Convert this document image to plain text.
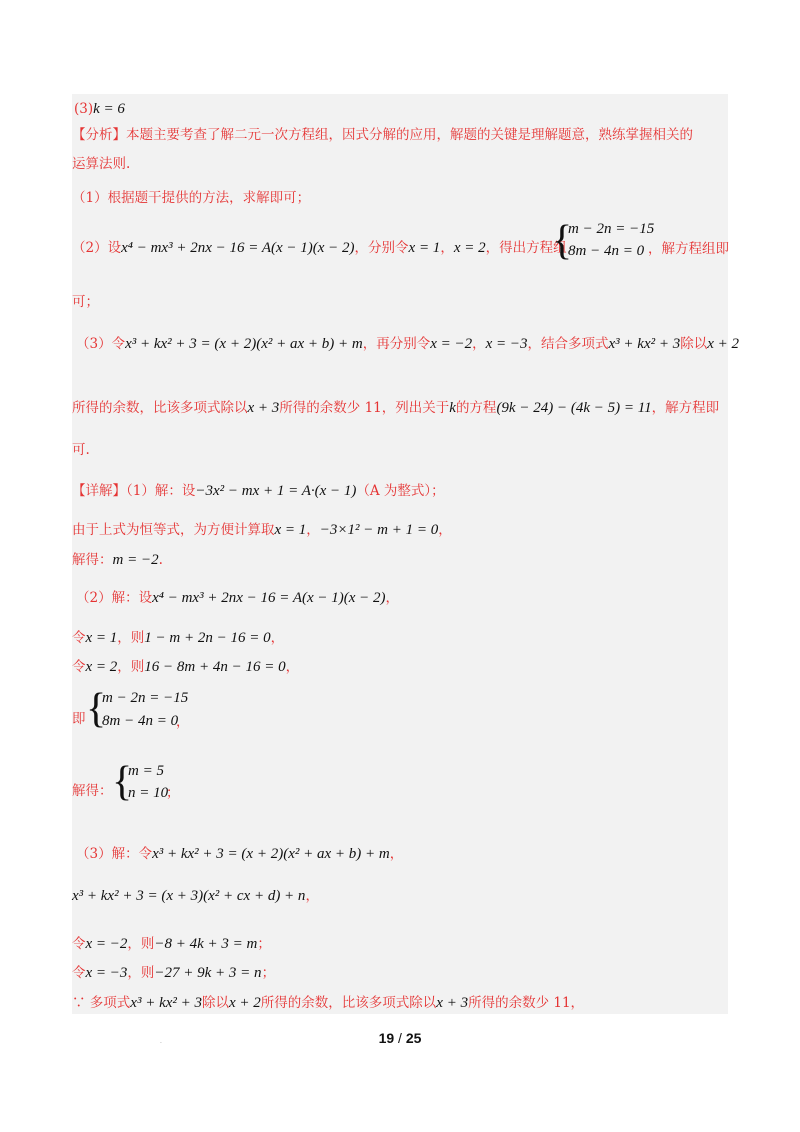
(3)k = 6
【分析】本题主要考查了解二元一次方程组，因式分解的应用，解题的关键是理解题意，熟练掌握相关的
运算法则.
（1）根据题干提供的方法，求解即可；
（2）设x⁴ − mx³ + 2nx − 16 = A(x − 1)(x − 2)，分别令x = 1，x = 2，得出方程组
{
m − 2n = −15
8m − 4n = 0 ，解方程组即
可；
（3）令x³ + kx² + 3 = (x + 2)(x² + ax + b) + m，再分别令x = −2，x = −3，结合多项式x³ + kx² + 3除以x + 2
所得的余数，比该多项式除以x + 3所得的余数少 11，列出关于k的方程(9k − 24) − (4k − 5) = 11，解方程即
可.
【详解】（1）解：设−3x² − mx + 1 = A·(x − 1)（A 为整式）；
由于上式为恒等式，为方便计算取x = 1，−3×1² − m + 1 = 0，
解得：m = −2.
（2）解：设x⁴ − mx³ + 2nx − 16 = A(x − 1)(x − 2)，
令x = 1，则1 − m + 2n − 16 = 0，
令x = 2，则16 − 8m + 4n − 16 = 0，
即 {
m − 2n = −15
8m − 4n = 0
，
解得： {
m = 5
n = 10
；
（3）解：令x³ + kx² + 3 = (x + 2)(x² + ax + b) + m，
x³ + kx² + 3 = (x + 3)(x² + cx + d) + n，
令x = −2，则−8 + 4k + 3 = m；
令x = −3，则−27 + 9k + 3 = n；
∵ 多项式x³ + kx² + 3除以x + 2所得的余数，比该多项式除以x + 3所得的余数少 11，
·	19 / 25
